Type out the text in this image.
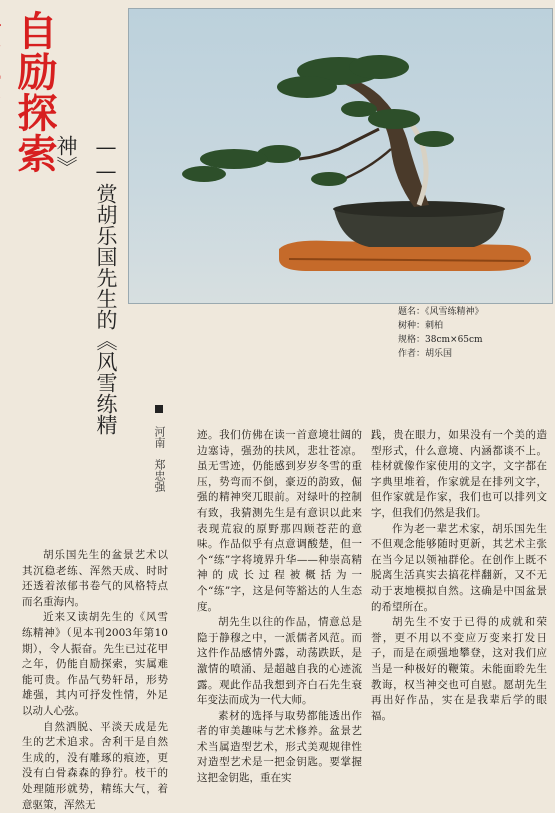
自励探索
——赏胡乐国先生的《风雪练精神》
河南　郑忠强
题名：《风雪练精神》
树种：刺柏
规格：38cm×65cm
作者：胡乐国

胡乐国先生的盆景艺术以其沉稳老练、浑然天成、时时还透着浓郁书卷气的风格特点而名重海内。

近来又读胡先生的《风雪练精神》（见本刊2003年第10期），令人振奋。先生已过花甲之年，仍能自励探索，实属难能可贵。作品气势轩昂，形势雄强，其内可抒发性情，外足以动人心弦。

自然洒脱、平淡天成是先生的艺术追求。舍利干是自然生成的，没有雕琢的痕迹，更没有白骨森森的狰狞。枝干的处理随形就势，精练大气，着意驱策，浑然无

迹。我们仿佛在读一首意境壮阔的边塞诗，强劲的扶风，悲壮苍凉。虽无雪迹，仍能感到岁岁冬雪的重压，势弯而不倒，豪迈的韵致，倔强的精神突兀眼前。对绿叶的控制有致，我猜测先生是有意识以此来表现荒寂的原野那四顾苍茫的意味。作品似乎有点意调酸楚，但一个“练”字将境界升华——种崇高精神的成长过程被概括为一个“练”字，这是何等豁达的人生态度。

胡先生以往的作品，情意总是隐于静穆之中，一派儒者风范。而这件作品感情外露，动荡跌跃，是激情的喷涌、是超越自我的心迹流露。观此作品我想到齐白石先生衰年变法而成为一代大师。

素材的选择与取势都能透出作者的审美趣味与艺术修养。盆景艺术当属造型艺术，形式美观规律性对造型艺术是一把金钥匙。要掌握这把金钥匙，重在实

践，贵在眼力，如果没有一个美的造型形式，什么意境、内涵都谈不上。桂材就像作家使用的文字，文字都在字典里堆着，作家就是在排列文字，但作家就是作家，我们也可以排列文字，但我们仍然是我们。

作为老一辈艺术家，胡乐国先生不但观念能够随时更新，其艺术主张在当今足以领袖群伦。在创作上既不脱离生活真实去搞花样翻新，又不无动于衷地模拟自然。这确是中国盆景的希望所在。

胡先生不安于已得的成就和荣誉，更不用以不变应万变来打发日子，而是在顽强地攀登，这对我们应当是一种极好的鞭策。未能面聆先生教诲，权当神交也可自慰。愿胡先生再出好作品，实在是我辈后学的眼福。
